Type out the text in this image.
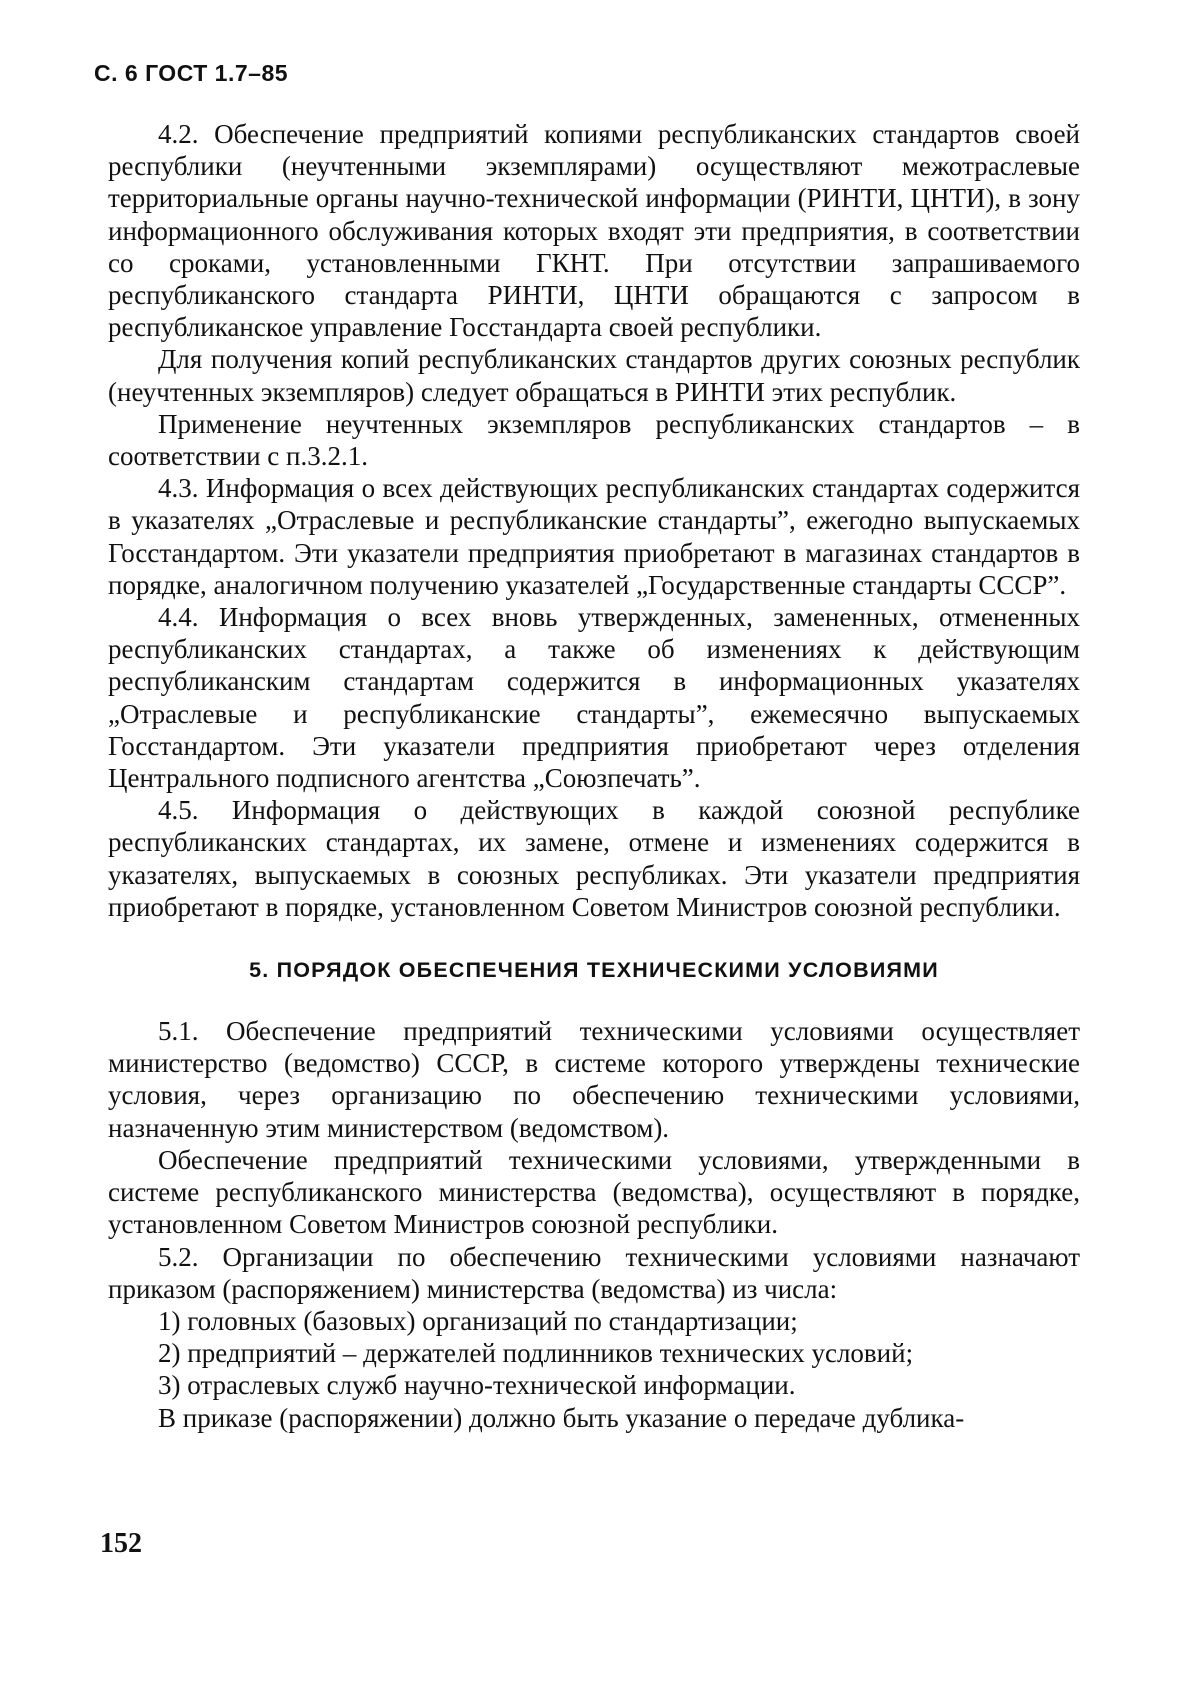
С. 6 ГОСТ 1.7–85

4.2. Обеспечение предприятий копиями республиканских стандартов своей республики (неучтенными экземплярами) осуществляют межотраслевые территориальные органы научно-технической информации (РИНТИ, ЦНТИ), в зону информационного обслуживания которых входят эти предприятия, в соответствии со сроками, установленными ГКНТ. При отсутствии запрашиваемого республиканского стандарта РИНТИ, ЦНТИ обращаются с запросом в республиканское управление Госстандарта своей республики.

Для получения копий республиканских стандартов других союзных республик (неучтенных экземпляров) следует обращаться в РИНТИ этих республик.

Применение неучтенных экземпляров республиканских стандартов – в соответствии с п.3.2.1.

4.3. Информация о всех действующих республиканских стандартах содержится в указателях „Отраслевые и республиканские стандарты”, ежегодно выпускаемых Госстандартом. Эти указатели предприятия приобретают в магазинах стандартов в порядке, аналогичном получению указателей „Государственные стандарты СССР”.

4.4. Информация о всех вновь утвержденных, замененных, отмененных республиканских стандартах, а также об изменениях к действующим республиканским стандартам содержится в информационных указателях „Отраслевые и республиканские стандарты”, ежемесячно выпускаемых Госстандартом. Эти указатели предприятия приобретают через отделения Центрального подписного агентства „Союзпечать”.

4.5. Информация о действующих в каждой союзной республике республиканских стандартах, их замене, отмене и изменениях содержится в указателях, выпускаемых в союзных республиках. Эти указатели предприятия приобретают в порядке, установленном Советом Министров союзной республики.

5. ПОРЯДОК ОБЕСПЕЧЕНИЯ ТЕХНИЧЕСКИМИ УСЛОВИЯМИ

5.1. Обеспечение предприятий техническими условиями осуществляет министерство (ведомство) СССР, в системе которого утверждены технические условия, через организацию по обеспечению техническими условиями, назначенную этим министерством (ведомством).

Обеспечение предприятий техническими условиями, утвержденными в системе республиканского министерства (ведомства), осуществляют в порядке, установленном Советом Министров союзной республики.

5.2. Организации по обеспечению техническими условиями назначают приказом (распоряжением) министерства (ведомства) из числа:

1) головных (базовых) организаций по стандартизации;

2) предприятий – держателей подлинников технических условий;

3) отраслевых служб научно-технической информации.

В приказе (распоряжении) должно быть указание о передаче дублика-

152
